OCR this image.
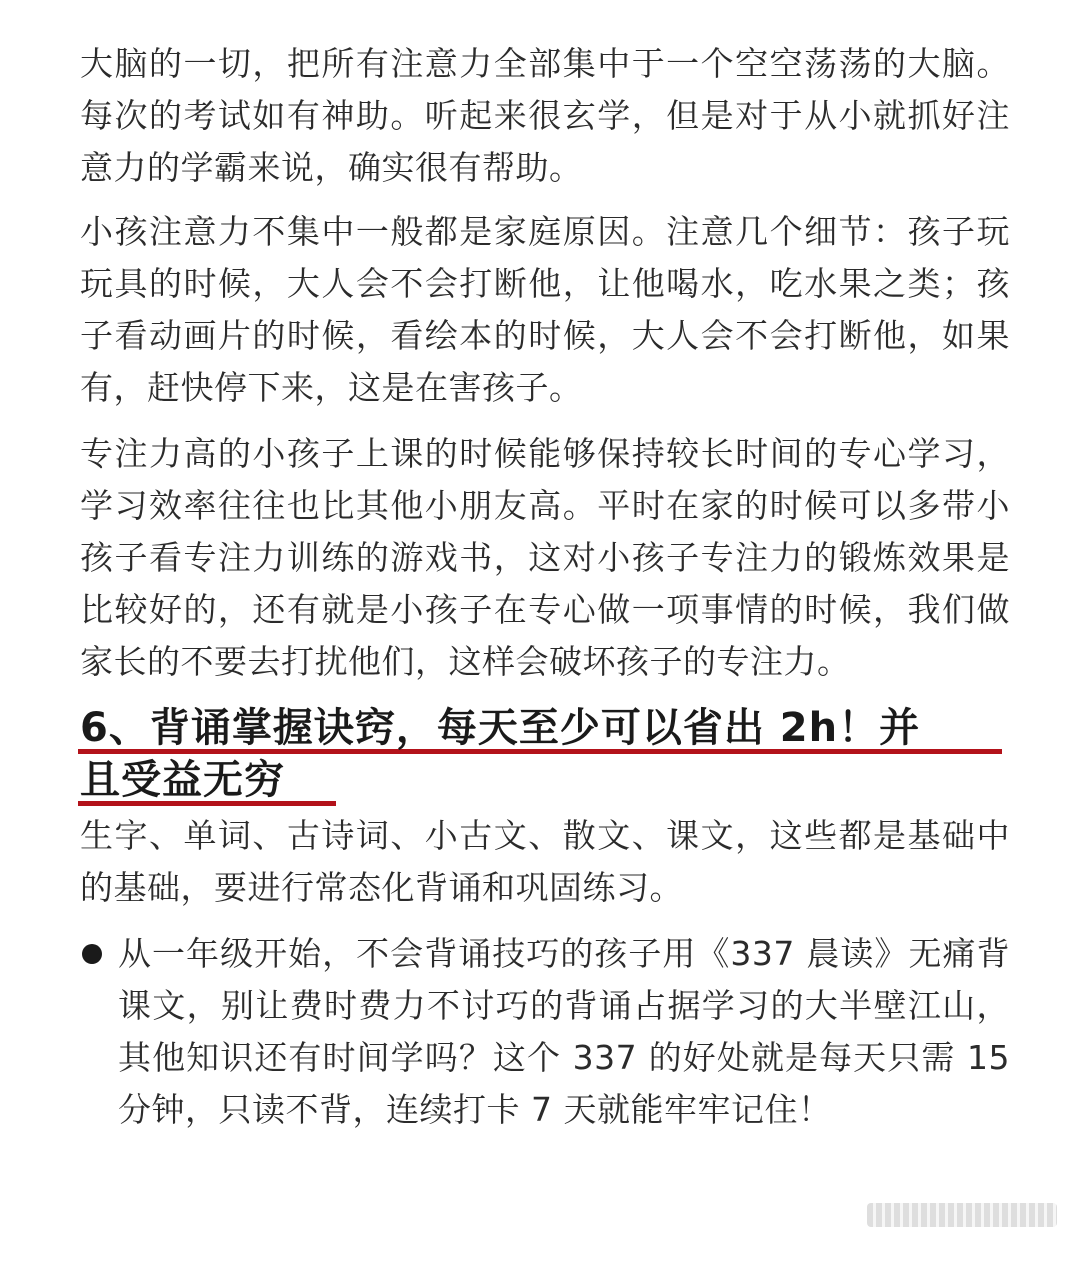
大脑的一切，把所有注意力全部集中于一个空空荡荡的大脑。每次的考试如有神助。听起来很玄学，但是对于从小就抓好注意力的学霸来说，确实很有帮助。

小孩注意力不集中一般都是家庭原因。注意几个细节：孩子玩玩具的时候，大人会不会打断他，让他喝水，吃水果之类；孩子看动画片的时候，看绘本的时候，大人会不会打断他，如果有，赶快停下来，这是在害孩子。

专注力高的小孩子上课的时候能够保持较长时间的专心学习，学习效率往往也比其他小朋友高。平时在家的时候可以多带小孩子看专注力训练的游戏书，这对小孩子专注力的锻炼效果是比较好的，还有就是小孩子在专心做一项事情的时候，我们做家长的不要去打扰他们，这样会破坏孩子的专注力。

6、背诵掌握诀窍，每天至少可以省出 2h！并
且受益无穷

生字、单词、古诗词、小古文、散文、课文，这些都是基础中的基础，要进行常态化背诵和巩固练习。

从一年级开始，不会背诵技巧的孩子用《337 晨读》无痛背课文，别让费时费力不讨巧的背诵占据学习的大半壁江山，其他知识还有时间学吗？这个 337 的好处就是每天只需 15 分钟，只读不背，连续打卡 7 天就能牢牢记住！
